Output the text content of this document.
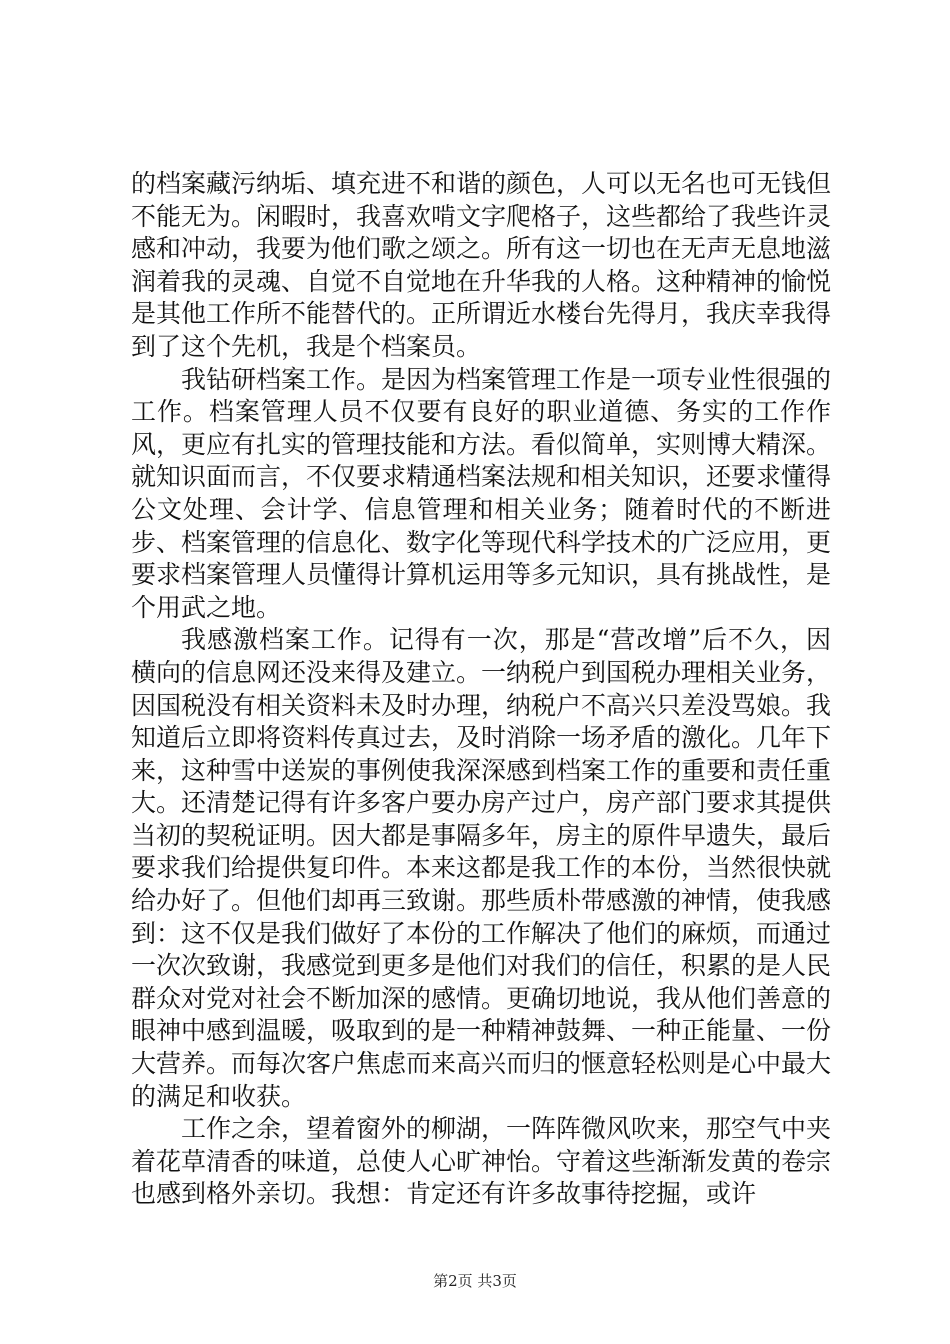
的档案藏污纳垢、填充进不和谐的颜色，人可以无名也可无钱但不能无为。闲暇时，我喜欢啃文字爬格子，这些都给了我些许灵感和冲动，我要为他们歌之颂之。所有这一切也在无声无息地滋润着我的灵魂、自觉不自觉地在升华我的人格。这种精神的愉悦是其他工作所不能替代的。正所谓近水楼台先得月，我庆幸我得到了这个先机，我是个档案员。

我钻研档案工作。是因为档案管理工作是一项专业性很强的工作。档案管理人员不仅要有良好的职业道德、务实的工作作风，更应有扎实的管理技能和方法。看似简单，实则博大精深。就知识面而言，不仅要求精通档案法规和相关知识，还要求懂得公文处理、会计学、信息管理和相关业务；随着时代的不断进步、档案管理的信息化、数字化等现代科学技术的广泛应用，更要求档案管理人员懂得计算机运用等多元知识，具有挑战性，是个用武之地。

我感激档案工作。记得有一次，那是“营改增”后不久，因横向的信息网还没来得及建立。一纳税户到国税办理相关业务，因国税没有相关资料未及时办理，纳税户不高兴只差没骂娘。我知道后立即将资料传真过去，及时消除一场矛盾的激化。几年下来，这种雪中送炭的事例使我深深感到档案工作的重要和责任重大。还清楚记得有许多客户要办房产过户，房产部门要求其提供当初的契税证明。因大都是事隔多年，房主的原件早遗失，最后要求我们给提供复印件。本来这都是我工作的本份，当然很快就给办好了。但他们却再三致谢。那些质朴带感激的神情，使我感到：这不仅是我们做好了本份的工作解决了他们的麻烦，而通过一次次致谢，我感觉到更多是他们对我们的信任，积累的是人民群众对党对社会不断加深的感情。更确切地说，我从他们善意的眼神中感到温暖，吸取到的是一种精神鼓舞、一种正能量、一份大营养。而每次客户焦虑而来高兴而归的惬意轻松则是心中最大的满足和收获。

工作之余，望着窗外的柳湖，一阵阵微风吹来，那空气中夹着花草清香的味道，总使人心旷神怡。守着这些渐渐发黄的卷宗也感到格外亲切。我想：肯定还有许多故事待挖掘，或许

第2页 共3页
